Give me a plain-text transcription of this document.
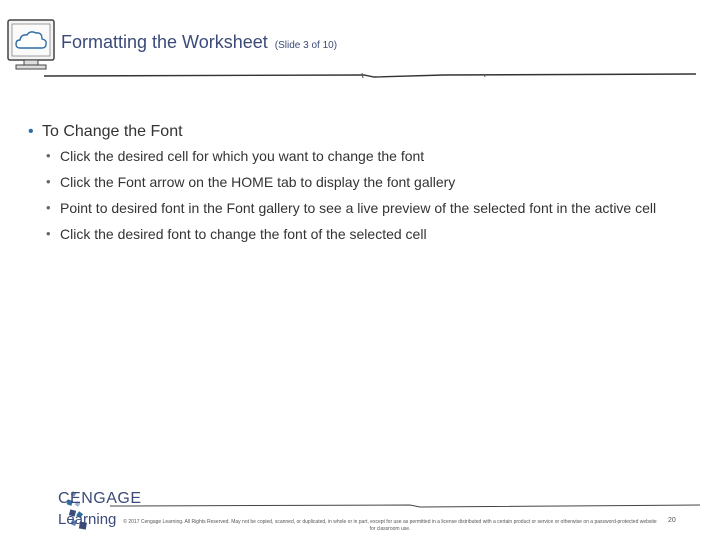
Formatting the Worksheet (Slide 3 of 10)
• To Change the Font
• Click the desired cell for which you want to change the font
• Click the Font arrow on the HOME tab to display the font gallery
• Point to desired font in the Font gallery to see a live preview of the selected font in the active cell
• Click the desired font to change the font of the selected cell
CENGAGE
Learning	© 2017 Cengage Learning. All Rights Reserved. May not be copied, scanned, or duplicated, in whole or in part, except for use as permitted in a license distributed with a certain product or service or otherwise on a password-protected website for classroom use.
20
